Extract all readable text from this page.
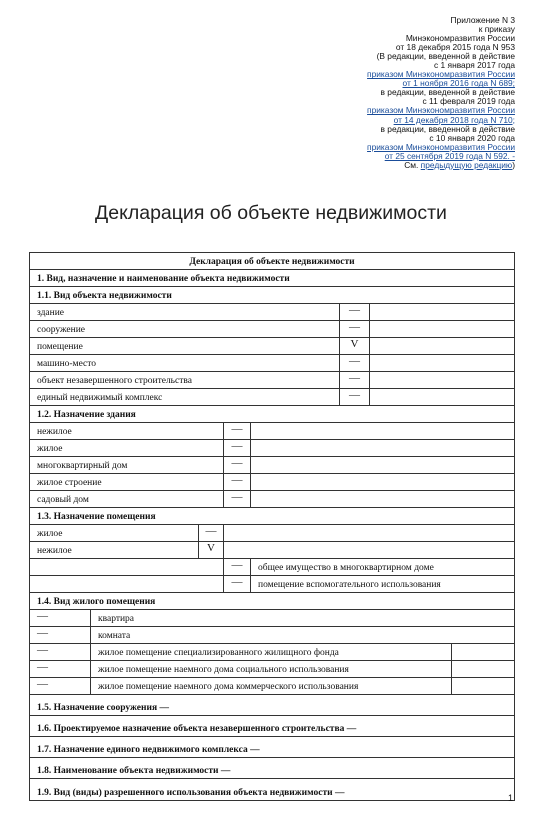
Приложение N 3
к приказу
Минэкономразвития России
от 18 декабря 2015 года N 953
(В редакции, введенной в действие
с 1 января 2017 года
приказом Минэкономразвития России
от 1 ноября 2016 года N 689;
в редакции, введенной в действие
с 11 февраля 2019 года
приказом Минэкономразвития России
от 14 декабря 2018 года N 710;
в редакции, введенной в действие
с 10 января 2020 года
приказом Минэкономразвития России
от 25 сентября 2019 года N 592. -
См. предыдущую редакцию)
Декларация об объекте недвижимости
Декларация об объекте недвижимости
1. Вид, назначение и наименование объекта недвижимости
1.1. Вид объекта недвижимости
здание	—
сооружение	—
помещение	V
машино-место	—
объект незавершенного строительства	—
единый недвижимый комплекс	—
1.2. Назначение здания
нежилое	—
жилое	—
многоквартирный дом	—
жилое строение	—
садовый дом	—
1.3. Назначение помещения
жилое	—
нежилое	V
—	общее имущество в многоквартирном доме
—	помещение вспомогательного использования
1.4. Вид жилого помещения
—	квартира
—	комната
—	жилое помещение специализированного жилищного фонда
—	жилое помещение наемного дома социального использования
—	жилое помещение наемного дома коммерческого использования
1.5. Назначение сооружения —
1.6. Проектируемое назначение объекта незавершенного строительства —
1.7. Назначение единого недвижимого комплекса —
1.8. Наименование объекта недвижимости —
1.9. Вид (виды) разрешенного использования объекта недвижимости —	1
